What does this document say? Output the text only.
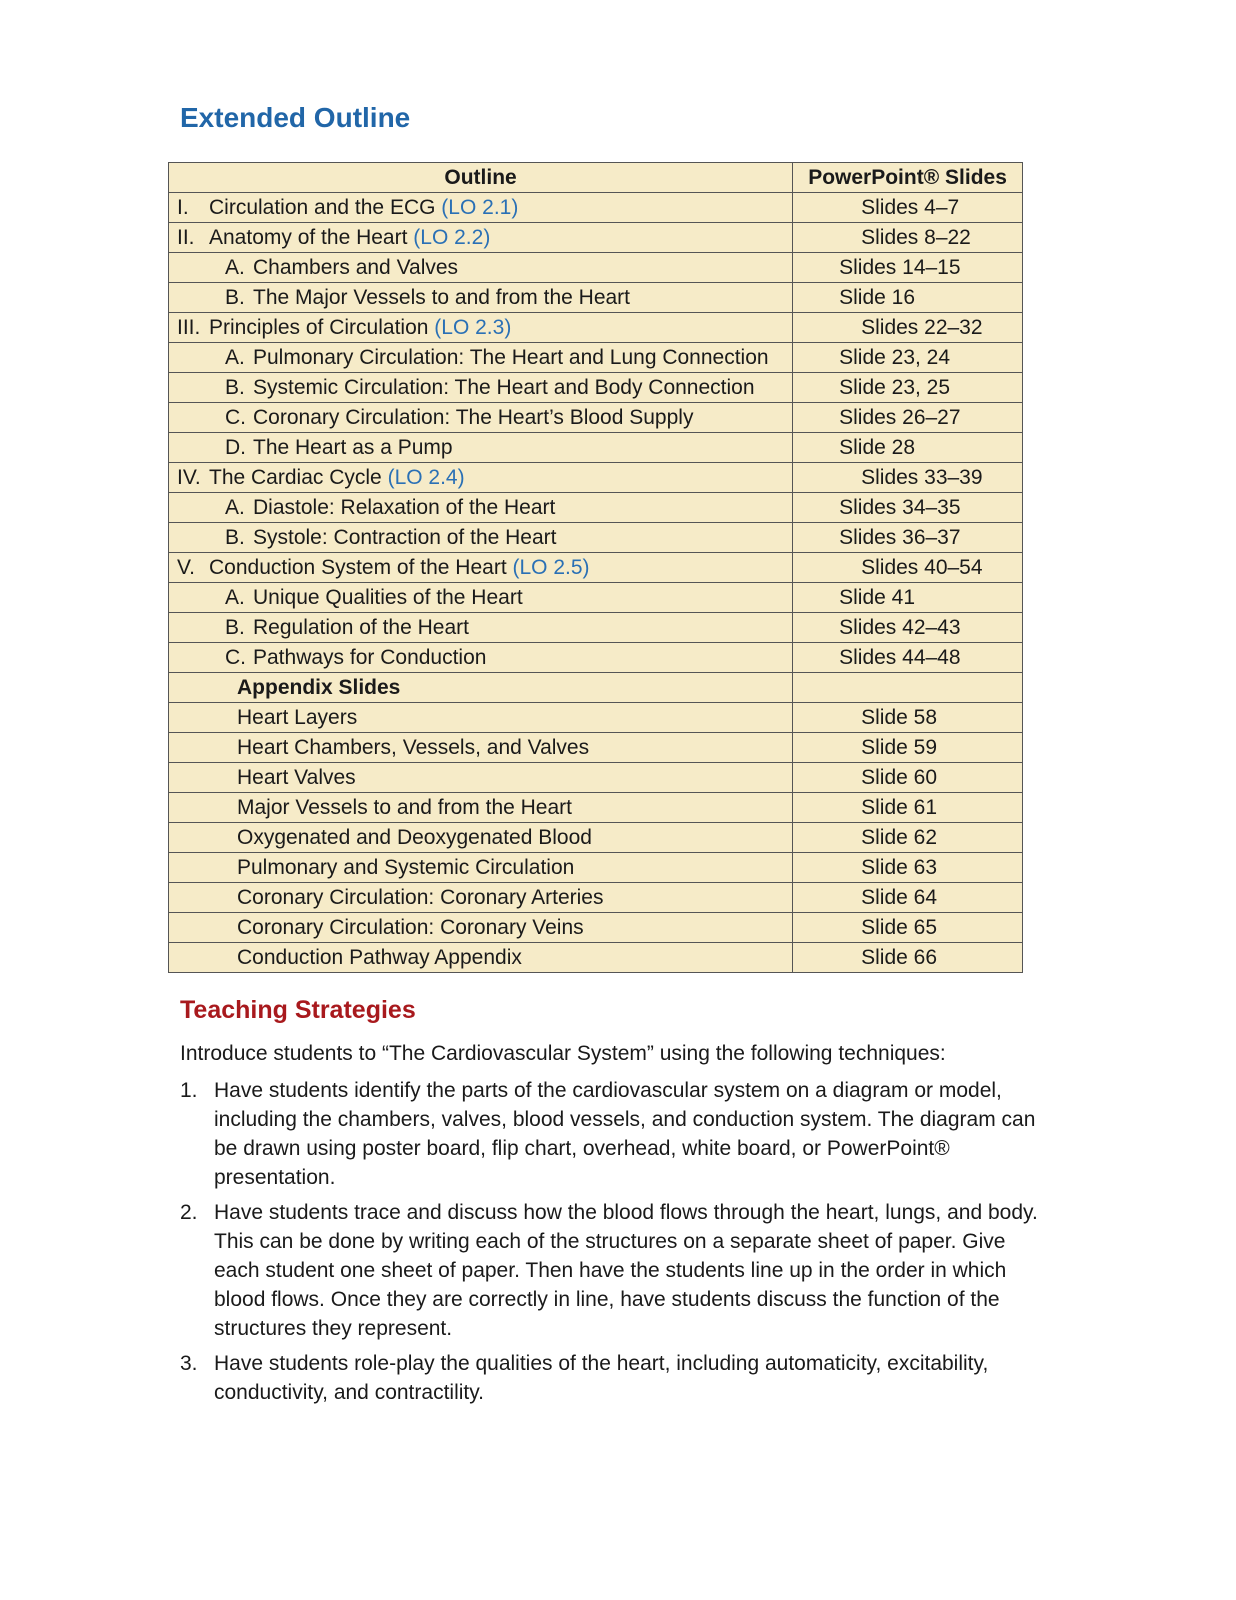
Extended Outline
Outline	PowerPoint® Slides
I. Circulation and the ECG (LO 2.1)	Slides 4–7
II. Anatomy of the Heart (LO 2.2)	Slides 8–22
A. Chambers and Valves	Slides 14–15
B. The Major Vessels to and from the Heart	Slide 16
III. Principles of Circulation (LO 2.3)	Slides 22–32
A. Pulmonary Circulation: The Heart and Lung Connection	Slide 23, 24
B. Systemic Circulation: The Heart and Body Connection	Slide 23, 25
C. Coronary Circulation: The Heart’s Blood Supply	Slides 26–27
D. The Heart as a Pump	Slide 28
IV. The Cardiac Cycle (LO 2.4)	Slides 33–39
A. Diastole: Relaxation of the Heart	Slides 34–35
B. Systole: Contraction of the Heart	Slides 36–37
V. Conduction System of the Heart (LO 2.5)	Slides 40–54
A. Unique Qualities of the Heart	Slide 41
B. Regulation of the Heart	Slides 42–43
C. Pathways for Conduction	Slides 44–48
Appendix Slides	
Heart Layers	Slide 58
Heart Chambers, Vessels, and Valves	Slide 59
Heart Valves	Slide 60
Major Vessels to and from the Heart	Slide 61
Oxygenated and Deoxygenated Blood	Slide 62
Pulmonary and Systemic Circulation	Slide 63
Coronary Circulation: Coronary Arteries	Slide 64
Coronary Circulation: Coronary Veins	Slide 65
Conduction Pathway Appendix	Slide 66
Teaching Strategies

Introduce students to “The Cardiovascular System” using the following techniques:

1. Have students identify the parts of the cardiovascular system on a diagram or model, including the chambers, valves, blood vessels, and conduction system. The diagram can be drawn using poster board, flip chart, overhead, white board, or PowerPoint® presentation.
2. Have students trace and discuss how the blood flows through the heart, lungs, and body. This can be done by writing each of the structures on a separate sheet of paper. Give each student one sheet of paper. Then have the students line up in the order in which blood flows. Once they are correctly in line, have students discuss the function of the structures they represent.
3. Have students role-play the qualities of the heart, including automaticity, excitability, conductivity, and contractility.
